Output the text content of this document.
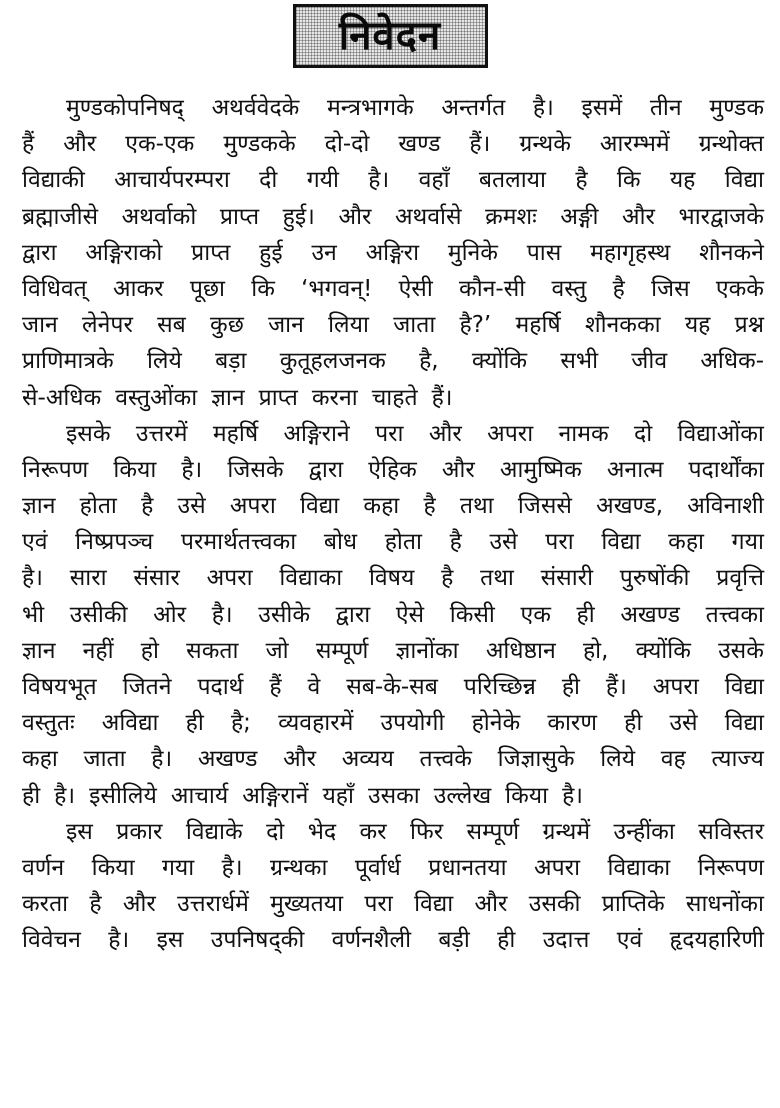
निवेदन
मुण्डकोपनिषद् अथर्ववेदके मन्त्रभागके अन्तर्गत है। इसमें तीन मुण्डक
हैं और एक-एक मुण्डकके दो-दो खण्ड हैं। ग्रन्थके आरम्भमें ग्रन्थोक्त
विद्याकी आचार्यपरम्परा दी गयी है। वहाँ बतलाया है कि यह विद्या
ब्रह्माजीसे अथर्वाको प्राप्त हुई। और अथर्वासे क्रमशः अङ्गी और भारद्वाजके
द्वारा अङ्गिराको प्राप्त हुई उन अङ्गिरा मुनिके पास महागृहस्थ शौनकने
विधिवत् आकर पूछा कि ‘भगवन्! ऐसी कौन-सी वस्तु है जिस एकके
जान लेनेपर सब कुछ जान लिया जाता है?’ महर्षि शौनकका यह प्रश्न
प्राणिमात्रके लिये बड़ा कुतूहलजनक है, क्योंकि सभी जीव अधिक-
से-अधिक वस्तुओंका ज्ञान प्राप्त करना चाहते हैं।
इसके उत्तरमें महर्षि अङ्गिराने परा और अपरा नामक दो विद्याओंका
निरूपण किया है। जिसके द्वारा ऐहिक और आमुष्मिक अनात्म पदार्थोंका
ज्ञान होता है उसे अपरा विद्या कहा है तथा जिससे अखण्ड, अविनाशी
एवं निष्प्रपञ्च परमार्थतत्त्वका बोध होता है उसे परा विद्या कहा गया
है। सारा संसार अपरा विद्याका विषय है तथा संसारी पुरुषोंकी प्रवृत्ति
भी उसीकी ओर है। उसीके द्वारा ऐसे किसी एक ही अखण्ड तत्त्वका
ज्ञान नहीं हो सकता जो सम्पूर्ण ज्ञानोंका अधिष्ठान हो, क्योंकि उसके
विषयभूत जितने पदार्थ हैं वे सब-के-सब परिच्छिन्न ही हैं। अपरा विद्या
वस्तुतः अविद्या ही है; व्यवहारमें उपयोगी होनेके कारण ही उसे विद्या
कहा जाता है। अखण्ड और अव्यय तत्त्वके जिज्ञासुके लिये वह त्याज्य
ही है। इसीलिये आचार्य अङ्गिरानें यहाँ उसका उल्लेख किया है।
इस प्रकार विद्याके दो भेद कर फिर सम्पूर्ण ग्रन्थमें उन्हींका सविस्तर
वर्णन किया गया है। ग्रन्थका पूर्वार्ध प्रधानतया अपरा विद्याका निरूपण
करता है और उत्तरार्धमें मुख्यतया परा विद्या और उसकी प्राप्तिके साधनोंका
विवेचन है। इस उपनिषद्की वर्णनशैली बड़ी ही उदात्त एवं हृदयहारिणी
